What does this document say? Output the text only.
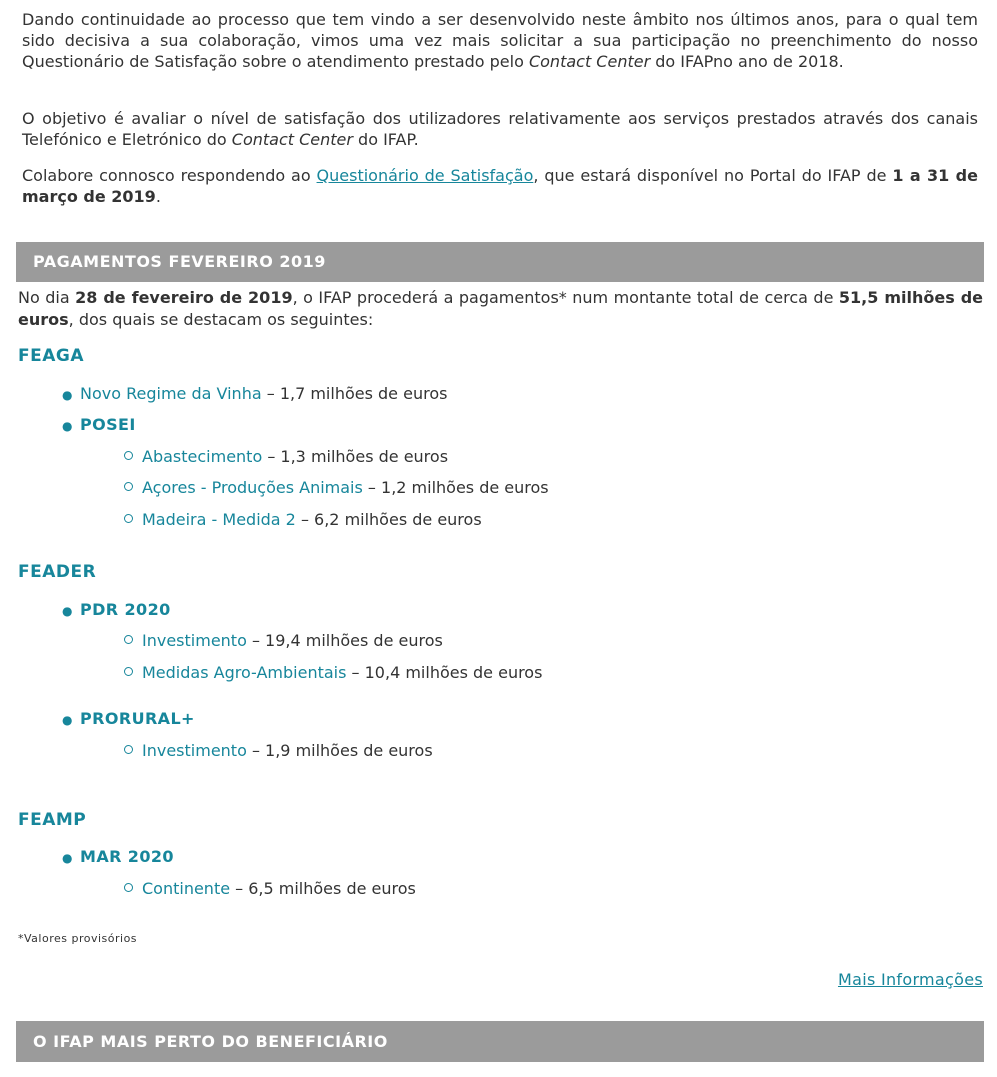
Dando continuidade ao processo que tem vindo a ser desenvolvido neste âmbito nos últimos anos, para o qual tem sido decisiva a sua colaboração, vimos uma vez mais solicitar a sua participação no preenchimento do nosso Questionário de Satisfação sobre o atendimento prestado pelo Contact Center do IFAPno ano de 2018.

O objetivo é avaliar o nível de satisfação dos utilizadores relativamente aos serviços prestados através dos canais Telefónico e Eletrónico do Contact Center do IFAP.

Colabore connosco respondendo ao Questionário de Satisfação, que estará disponível no Portal do IFAP de 1 a 31 de março de 2019.

PAGAMENTOS FEVEREIRO 2019

No dia 28 de fevereiro de 2019, o IFAP procederá a pagamentos* num montante total de cerca de 51,5 milhões de euros, dos quais se destacam os seguintes:

FEAGA
● Novo Regime da Vinha – 1,7 milhões de euros
● POSEI
Abastecimento – 1,3 milhões de euros
Açores - Produções Animais – 1,2 milhões de euros
Madeira - Medida 2 – 6,2 milhões de euros
FEADER
● PDR 2020
Investimento – 19,4 milhões de euros
Medidas Agro-Ambientais – 10,4 milhões de euros
● PRORURAL+
Investimento – 1,9 milhões de euros
FEAMP
● MAR 2020
Continente – 6,5 milhões de euros
*Valores provisórios
Mais Informações
O IFAP MAIS PERTO DO BENEFICIÁRIO
